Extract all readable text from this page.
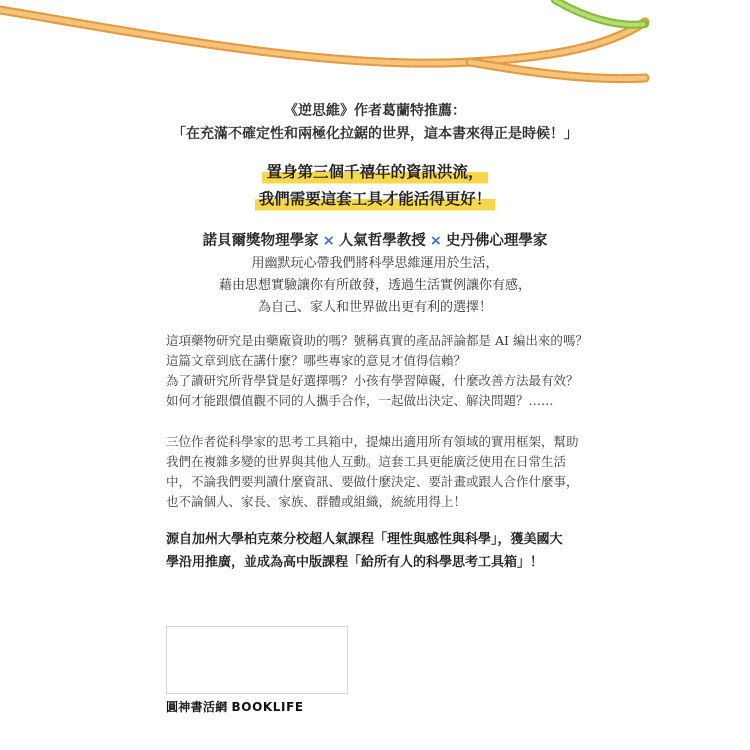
《逆思維》作者葛蘭特推薦：
「在充滿不確定性和兩極化拉鋸的世界，這本書來得正是時候！」
置身第三個千禧年的資訊洪流，
我們需要這套工具才能活得更好！
諾貝爾獎物理學家 × 人氣哲學教授 × 史丹佛心理學家
用幽默玩心帶我們將科學思維運用於生活，
藉由思想實驗讓你有所啟發，透過生活實例讓你有感，
為自己、家人和世界做出更有利的選擇！

這項藥物研究是由藥廠資助的嗎？號稱真實的產品評論都是 AI 編出來的嗎？

這篇文章到底在講什麼？哪些專家的意見才值得信賴？

為了讀研究所背學貸是好選擇嗎？小孩有學習障礙，什麼改善方法最有效？

如何才能跟價值觀不同的人攜手合作，一起做出決定、解決問題？……

三位作者從科學家的思考工具箱中，提煉出適用所有領域的實用框架，幫助

我們在複雜多變的世界與其他人互動。這套工具更能廣泛使用在日常生活

中，不論我們要判讀什麼資訊、要做什麼決定、要計畫或跟人合作什麼事，

也不論個人、家長、家族、群體或組織，統統用得上！

源自加州大學柏克萊分校超人氣課程「理性與感性與科學」，獲美國大

學沿用推廣，並成為高中版課程「給所有人的科學思考工具箱」！

圓神書活網 BOOKLIFE
